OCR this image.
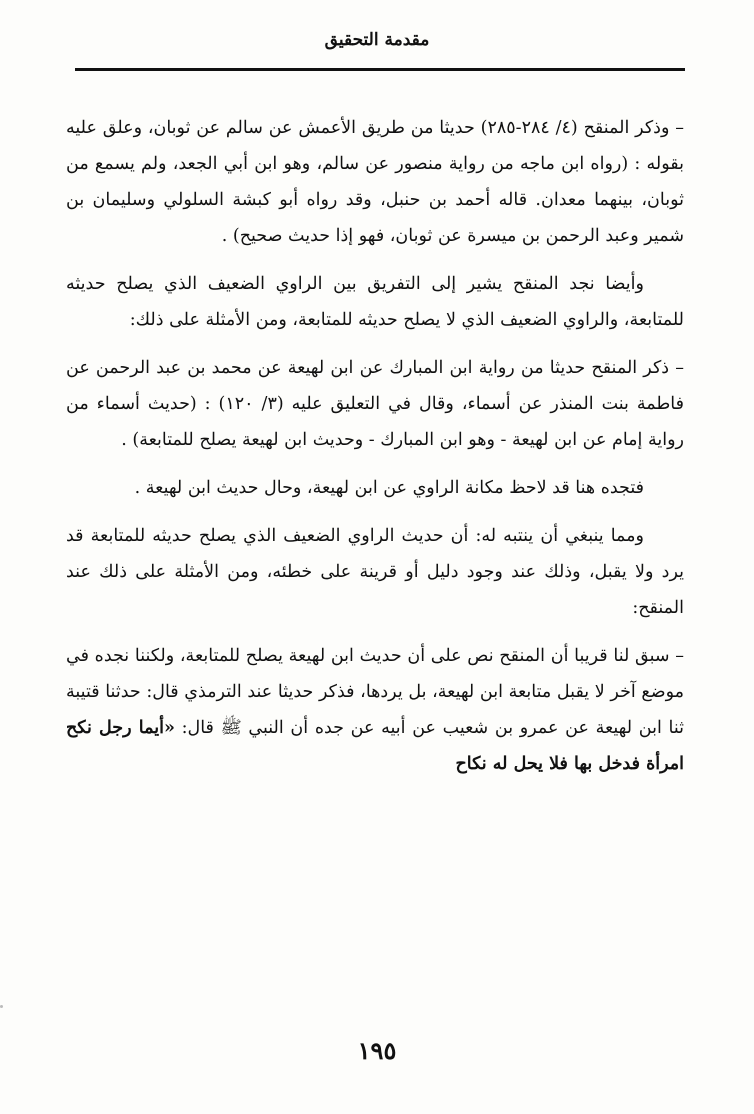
مقدمة التحقيق

– وذكر المنقح (٤/ ٢٨٤-٢٨٥) حديثا من طريق الأعمش عن سالم عن ثوبان، وعلق عليه بقوله : (رواه ابن ماجه من رواية منصور عن سالم، وهو ابن أبي الجعد، ولم يسمع من ثوبان، بينهما معدان. قاله أحمد بن حنبل، وقد رواه أبو كبشة السلولي وسليمان بن شمير وعبد الرحمن بن ميسرة عن ثوبان، فهو إذا حديث صحيح) .

وأيضا نجد المنقح يشير إلى التفريق بين الراوي الضعيف الذي يصلح حديثه للمتابعة، والراوي الضعيف الذي لا يصلح حديثه للمتابعة، ومن الأمثلة على ذلك:

– ذكر المنقح حديثا من رواية ابن المبارك عن ابن لهيعة عن محمد بن عبد الرحمن عن فاطمة بنت المنذر عن أسماء، وقال في التعليق عليه (٣/ ١٢٠) : (حديث أسماء من رواية إمام عن ابن لهيعة - وهو ابن المبارك - وحديث ابن لهيعة يصلح للمتابعة) .

فتجده هنا قد لاحظ مكانة الراوي عن ابن لهيعة، وحال حديث ابن لهيعة .

ومما ينبغي أن ينتبه له: أن حديث الراوي الضعيف الذي يصلح حديثه للمتابعة قد يرد ولا يقبل، وذلك عند وجود دليل أو قرينة على خطئه، ومن الأمثلة على ذلك عند المنقح:

– سبق لنا قريبا أن المنقح نص على أن حديث ابن لهيعة يصلح للمتابعة، ولكننا نجده في موضع آخر لا يقبل متابعة ابن لهيعة، بل يردها، فذكر حديثا عند الترمذي قال: حدثنا قتيبة ثنا ابن لهيعة عن عمرو بن شعيب عن أبيه عن جده أن النبي ﷺ قال: «أيما رجل نكح امرأة فدخل بها فلا يحل له نكاح

١٩٥
